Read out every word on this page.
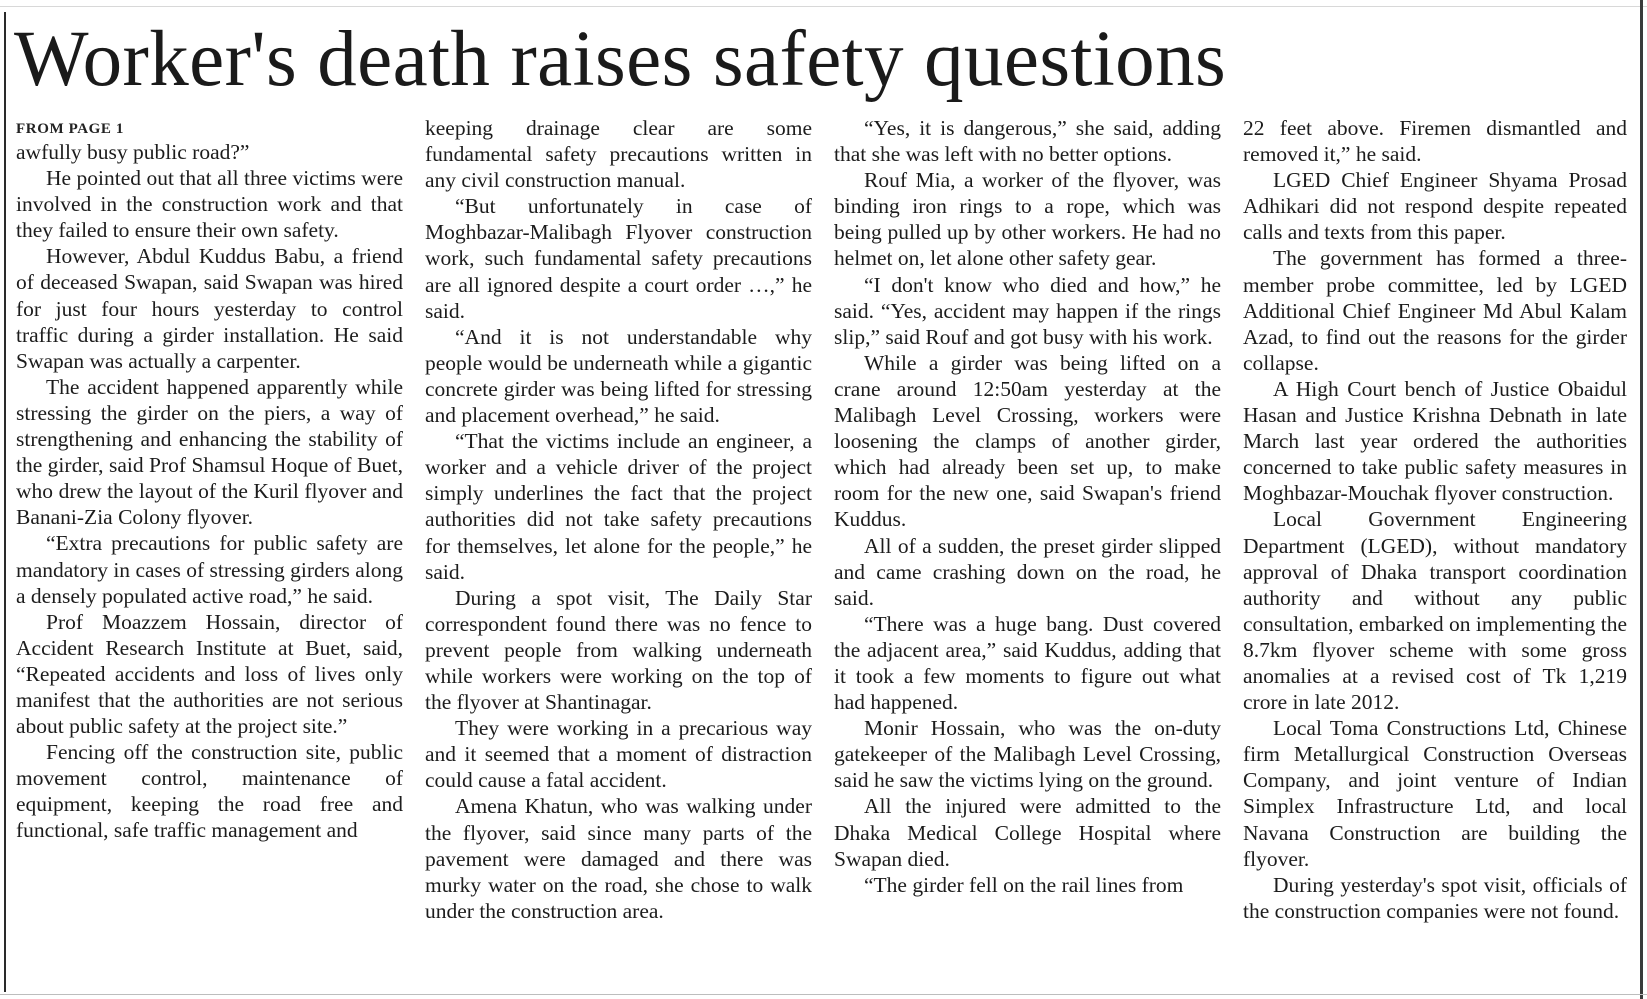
Worker's death raises safety questions
FROM PAGE 1

awfully busy public road?”

He pointed out that all three victims were involved in the construction work and that they failed to ensure their own safety.

However, Abdul Kuddus Babu, a friend of deceased Swapan, said Swapan was hired for just four hours yesterday to control traffic during a girder installation. He said Swapan was actually a carpenter.

The accident happened apparently while stressing the girder on the piers, a way of strengthening and enhancing the stability of the girder, said Prof Shamsul Hoque of Buet, who drew the layout of the Kuril flyover and Banani-Zia Colony flyover.

“Extra precautions for public safety are mandatory in cases of stressing girders along a densely populated active road,” he said.

Prof Moazzem Hossain, director of Accident Research Institute at Buet, said, “Repeated accidents and loss of lives only manifest that the authorities are not serious about public safety at the project site.”

Fencing off the construction site, public movement control, maintenance of equipment, keeping the road free and functional, safe traffic management and

keeping drainage clear are some fundamental safety precautions written in any civil construction manual.

“But unfortunately in case of Moghbazar-Malibagh Flyover construction work, such fundamental safety precautions are all ignored despite a court order …,” he said.

“And it is not understandable why people would be underneath while a gigantic concrete girder was being lifted for stressing and placement overhead,” he said.

“That the victims include an engineer, a worker and a vehicle driver of the project simply underlines the fact that the project authorities did not take safety precautions for themselves, let alone for the people,” he said.

During a spot visit, The Daily Star correspondent found there was no fence to prevent people from walking underneath while workers were working on the top of the flyover at Shantinagar.

They were working in a precarious way and it seemed that a moment of distraction could cause a fatal accident.

Amena Khatun, who was walking under the flyover, said since many parts of the pavement were damaged and there was murky water on the road, she chose to walk under the construction area.

“Yes, it is dangerous,” she said, adding that she was left with no better options.

Rouf Mia, a worker of the flyover, was binding iron rings to a rope, which was being pulled up by other workers. He had no helmet on, let alone other safety gear.

“I don't know who died and how,” he said. “Yes, accident may happen if the rings slip,” said Rouf and got busy with his work.

While a girder was being lifted on a crane around 12:50am yesterday at the Malibagh Level Crossing, workers were loosening the clamps of another girder, which had already been set up, to make room for the new one, said Swapan's friend Kuddus.

All of a sudden, the preset girder slipped and came crashing down on the road, he said.

“There was a huge bang. Dust covered the adjacent area,” said Kuddus, adding that it took a few moments to figure out what had happened.

Monir Hossain, who was the on-duty gatekeeper of the Malibagh Level Crossing, said he saw the victims lying on the ground.

All the injured were admitted to the Dhaka Medical College Hospital where Swapan died.

“The girder fell on the rail lines from

22 feet above. Firemen dismantled and removed it,” he said.

LGED Chief Engineer Shyama Prosad Adhikari did not respond despite repeated calls and texts from this paper.

The government has formed a three-member probe committee, led by LGED Additional Chief Engineer Md Abul Kalam Azad, to find out the reasons for the girder collapse.

A High Court bench of Justice Obaidul Hasan and Justice Krishna Debnath in late March last year ordered the authorities concerned to take public safety measures in Moghbazar-Mouchak flyover construction.

Local Government Engineering Department (LGED), without mandatory approval of Dhaka transport coordination authority and without any public consultation, embarked on implementing the 8.7km flyover scheme with some gross anomalies at a revised cost of Tk 1,219 crore in late 2012.

Local Toma Constructions Ltd, Chinese firm Metallurgical Construction Overseas Company, and joint venture of Indian Simplex Infrastructure Ltd, and local Navana Construction are building the flyover.

During yesterday's spot visit, officials of the construction companies were not found.
